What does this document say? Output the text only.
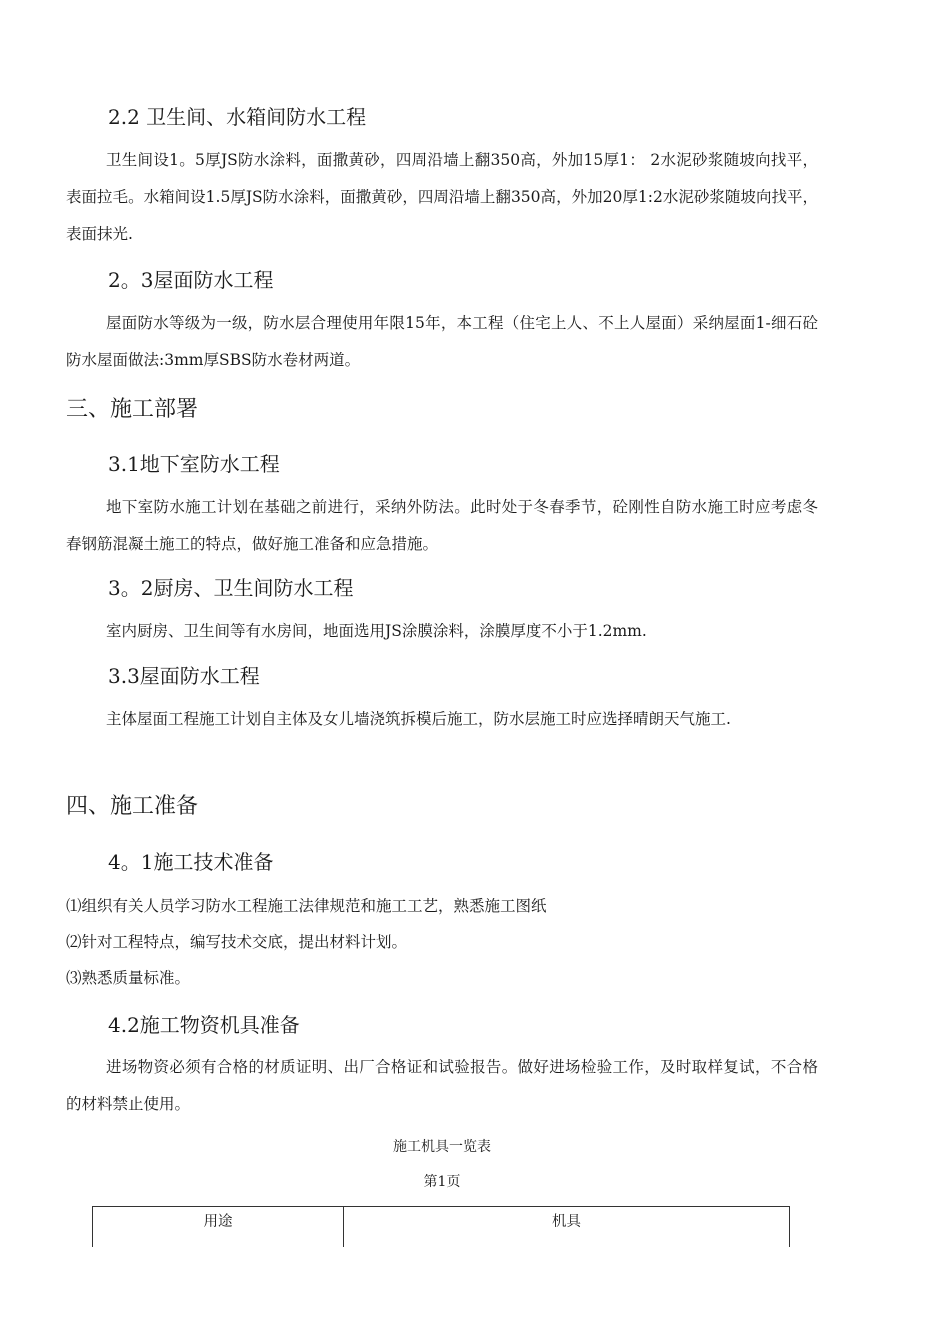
2.2 卫生间、水箱间防水工程

卫生间设1。5厚JS防水涂料，面撒黄砂，四周沿墙上翻350高，外加15厚1： 2水泥砂浆随坡向找平，表面拉毛。水箱间设1.5厚JS防水涂料，面撒黄砂，四周沿墙上翻350高，外加20厚1:2水泥砂浆随坡向找平，表面抹光.

2。3屋面防水工程

屋面防水等级为一级，防水层合理使用年限15年，本工程（住宅上人、不上人屋面）采纳屋面1-细石砼防水屋面做法:3mm厚SBS防水卷材两道。

三、施工部署
3.1地下室防水工程

地下室防水施工计划在基础之前进行，采纳外防法。此时处于冬春季节，砼刚性自防水施工时应考虑冬春钢筋混凝土施工的特点，做好施工准备和应急措施。

3。2厨房、卫生间防水工程

室内厨房、卫生间等有水房间，地面选用JS涂膜涂料，涂膜厚度不小于1.2mm.

3.3屋面防水工程

主体屋面工程施工计划自主体及女儿墙浇筑拆模后施工，防水层施工时应选择晴朗天气施工.

四、施工准备
4。1施工技术准备
⑴组织有关人员学习防水工程施工法律规范和施工工艺，熟悉施工图纸
⑵针对工程特点，编写技术交底，提出材料计划。
⑶熟悉质量标准。
4.2施工物资机具准备

进场物资必须有合格的材质证明、出厂合格证和试验报告。做好进场检验工作，及时取样复试，不合格的材料禁止使用。

施工机具一览表
第1页
用途	机具
